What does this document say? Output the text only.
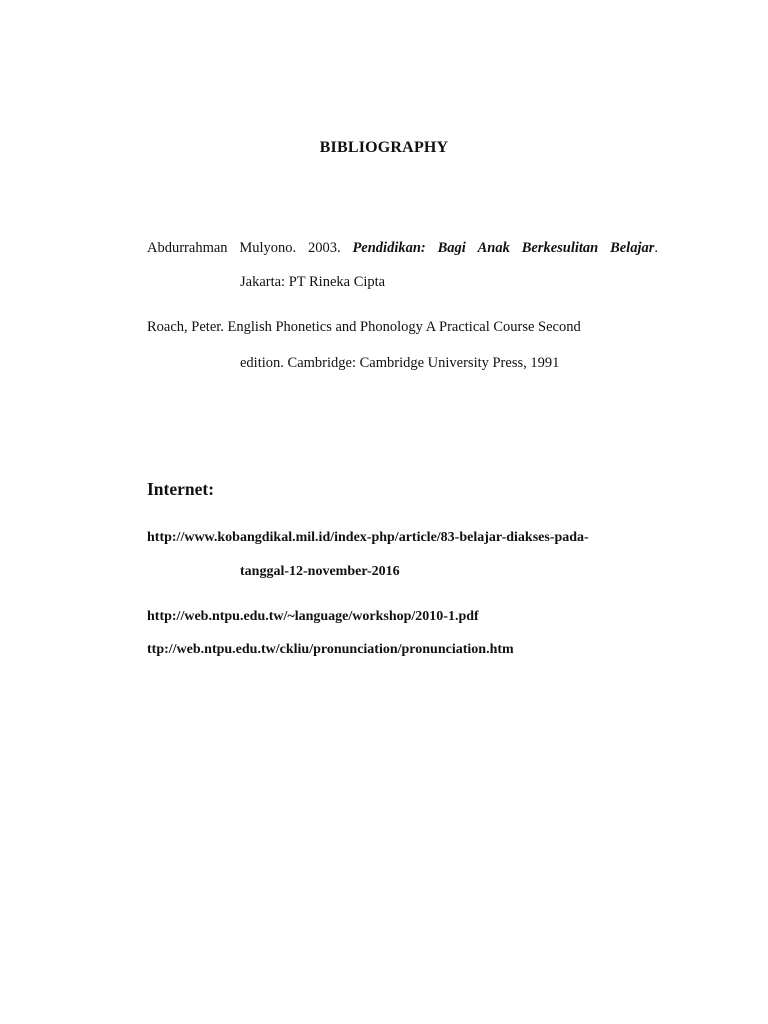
BIBLIOGRAPHY
Abdurrahman Mulyono. 2003. Pendidikan: Bagi Anak Berkesulitan Belajar.
Jakarta: PT Rineka Cipta
Roach, Peter. English Phonetics and Phonology A Practical Course Second
edition. Cambridge: Cambridge University Press, 1991
Internet:
http://www.kobangdikal.mil.id/index-php/article/83-belajar-diakses-pada-
tanggal-12-november-2016
http://web.ntpu.edu.tw/~language/workshop/2010-1.pdf
ttp://web.ntpu.edu.tw/ckliu/pronunciation/pronunciation.htm
